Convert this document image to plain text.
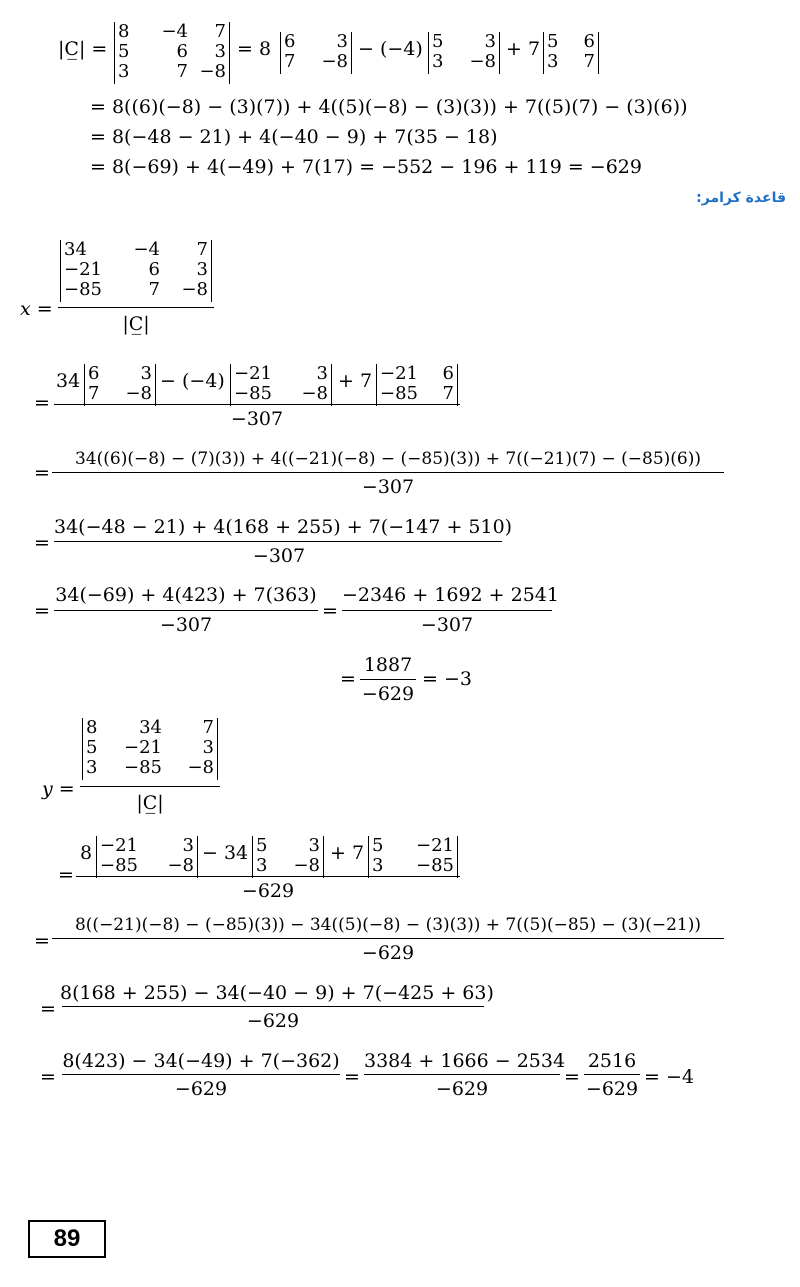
|C̲| =
8	−4	7
5	6	3
3	7 −8
= 8 6	3
7	−8
− (−4) 5	3
3	−8
+ 7 5	6
3	7
= 8((6)(−8) − (3)(7)) + 4((5)(−8) − (3)(3)) + 7((5)(7) − (3)(6))
= 8(−48 − 21) + 4(−40 − 9) + 7(35 − 18)
= 8(−69) + 4(−49) + 7(17) = −552 − 196 + 119 = −629
قاعدة كرامر:
x =
34	−4	7
−21	6	3
−85	7	−8
|C̲|
=
34 6	3
7	−8
− (−4) −21	3
−85	−8
+ 7 −21	6
−85	7
−307
=
34((6)(−8) − (7)(3)) + 4((−21)(−8) − (−85)(3)) + 7((−21)(7) − (−85)(6))
−307
=
34(−48 − 21) + 4(168 + 255) + 7(−147 + 510)
−307
=
34(−69) + 4(423) + 7(363)
−307
=
−2346 + 1692 + 2541
−307
=
1887
−629
= −3
y =
8	34	7
5	−21	3
3	−85	−8
|C̲|
=
8 −21	3
−85	−8
− 34 5	3
3	−8
+ 7 5	−21
3	−85
−629
=
8((−21)(−8) − (−85)(3)) − 34((5)(−8) − (3)(3)) + 7((5)(−85) − (3)(−21))
−629
=
8(168 + 255) − 34(−40 − 9) + 7(−425 + 63)
−629
=
8(423) − 34(−49) + 7(−362)
−629
=
3384 + 1666 − 2534
−629
=
2516
−629
= −4
89
